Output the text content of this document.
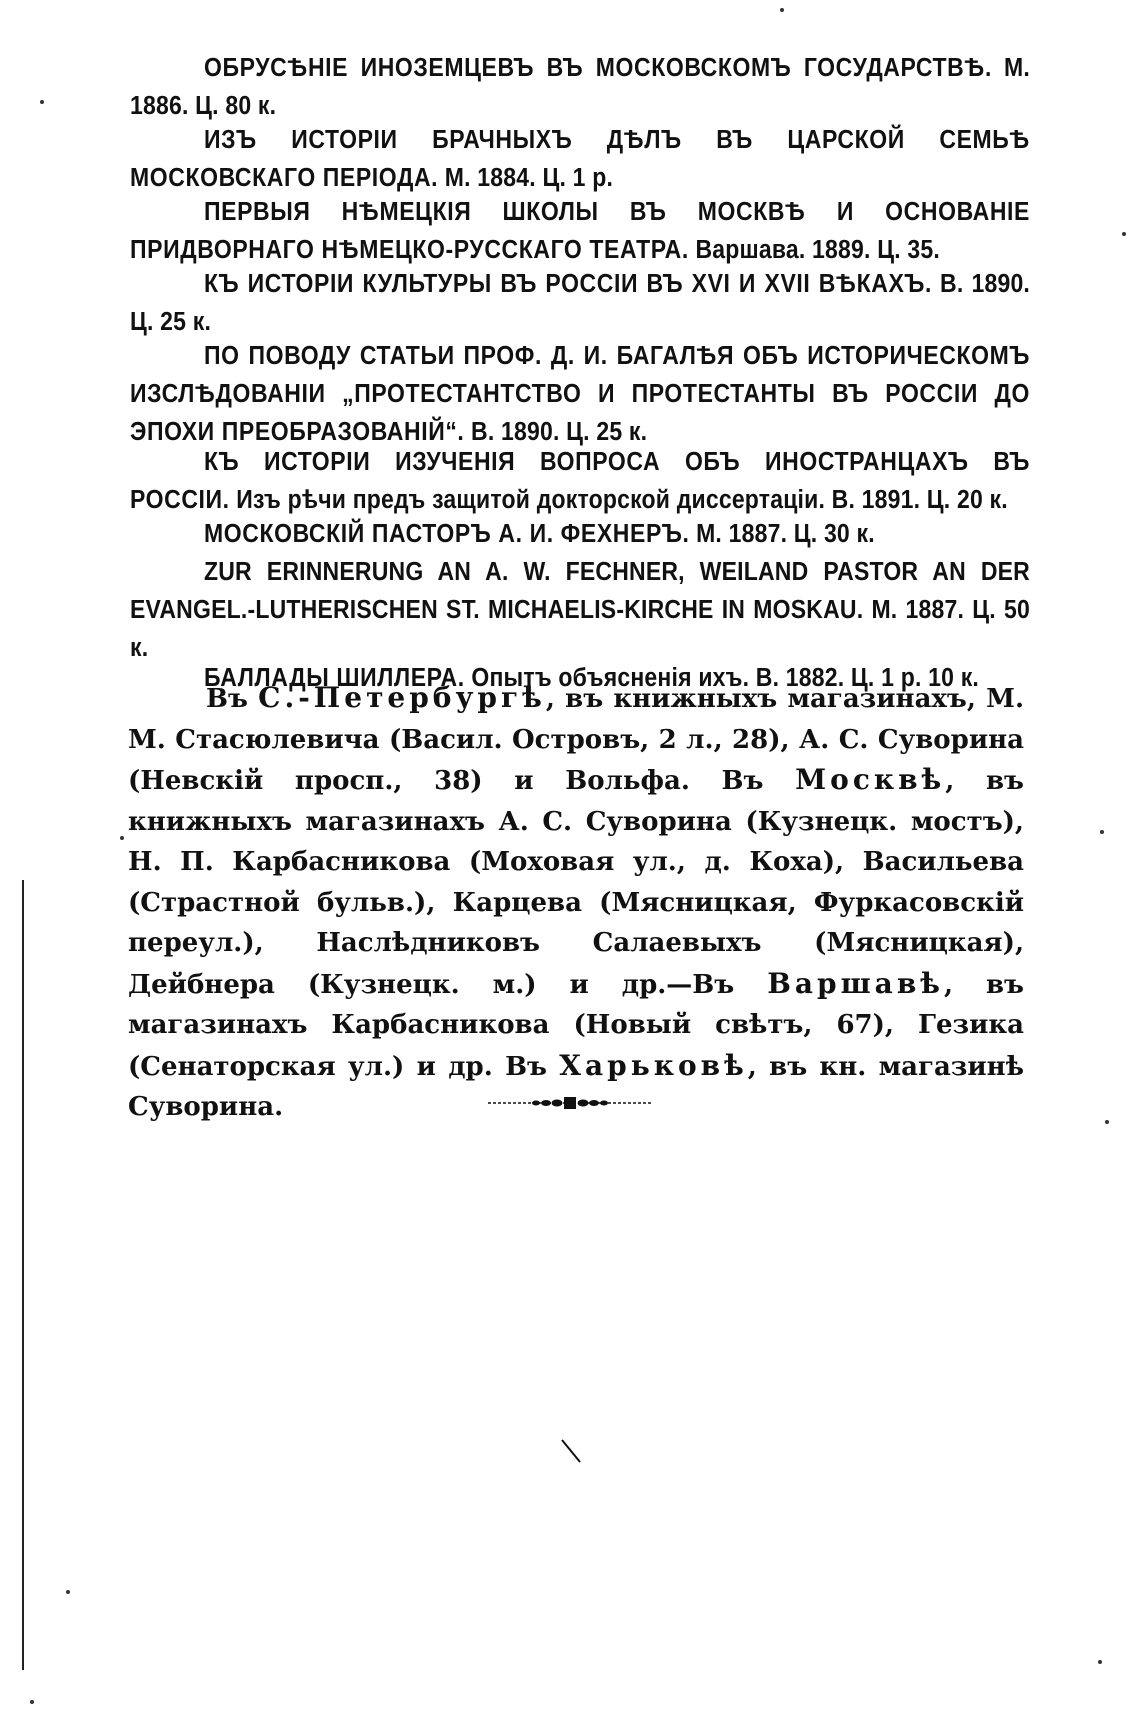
ОБРУСѢНІЕ ИНОЗЕМЦЕВЪ ВЪ МОСКОВСКОМЪ ГОСУДАРСТВѢ. М. 1886. Ц. 80 к.

ИЗЪ ИСТОРІИ БРАЧНЫХЪ ДѢЛЪ ВЪ ЦАРСКОЙ СЕМЬѢ МОСКОВСКАГО ПЕРІОДА. М. 1884. Ц. 1 р.

ПЕРВЫЯ НѢМЕЦКІЯ ШКОЛЫ ВЪ МОСКВѢ И ОСНОВАНІЕ ПРИДВОРНАГО НѢМЕЦКО-РУССКАГО ТЕАТРА. Варшава. 1889. Ц. 35.

КЪ ИСТОРІИ КУЛЬТУРЫ ВЪ РОССІИ ВЪ XVI И XVII ВѢКАХЪ. В. 1890. Ц. 25 к.

ПО ПОВОДУ СТАТЬИ ПРОФ. Д. И. БАГАЛѢЯ ОБЪ ИСТОРИЧЕСКОМЪ ИЗСЛѢДОВАНІИ „ПРОТЕСТАНТСТВО И ПРОТЕСТАНТЫ ВЪ РОССІИ ДО ЭПОХИ ПРЕОБРАЗОВАНІЙ“. В. 1890. Ц. 25 к.

КЪ ИСТОРІИ ИЗУЧЕНІЯ ВОПРОСА ОБЪ ИНОСТРАНЦАХЪ ВЪ РОССІИ. Изъ рѣчи предъ защитой докторской диссертаціи. В. 1891. Ц. 20 к.

МОСКОВСКІЙ ПАСТОРЪ А. И. ФЕХНЕРЪ. М. 1887. Ц. 30 к.

ZUR ERINNERUNG AN A. W. FECHNER, WEILAND PASTOR AN DER EVANGEL.-LUTHERISCHEN ST. MICHAELIS-KIRCHE IN MOSKAU. M. 1887. Ц. 50 к.

БАЛЛАДЫ ШИЛЛЕРА. Опытъ объясненія ихъ. В. 1882. Ц. 1 р. 10 к.

Въ С.-Петербургѣ, въ книжныхъ магазинахъ, М. М. Стасюлевича (Васил. Островъ, 2 л., 28), А. С. Суворина (Невскій просп., 38) и Вольфа. Въ Москвѣ, въ книжныхъ магазинахъ А. С. Суворина (Кузнецк. мостъ), Н. П. Карбасникова (Моховая ул., д. Коха), Васильева (Страстной бульв.), Карцева (Мясницкая, Фуркасовскій переул.), Наслѣдниковъ Салаевыхъ (Мясницкая), Дейбнера (Кузнецк. м.) и др.—Въ Варшавѣ, въ магазинахъ Карбасникова (Новый свѣтъ, 67), Гезика (Сенаторская ул.) и др. Въ Харьковѣ, въ кн. магазинѣ Суворина.
